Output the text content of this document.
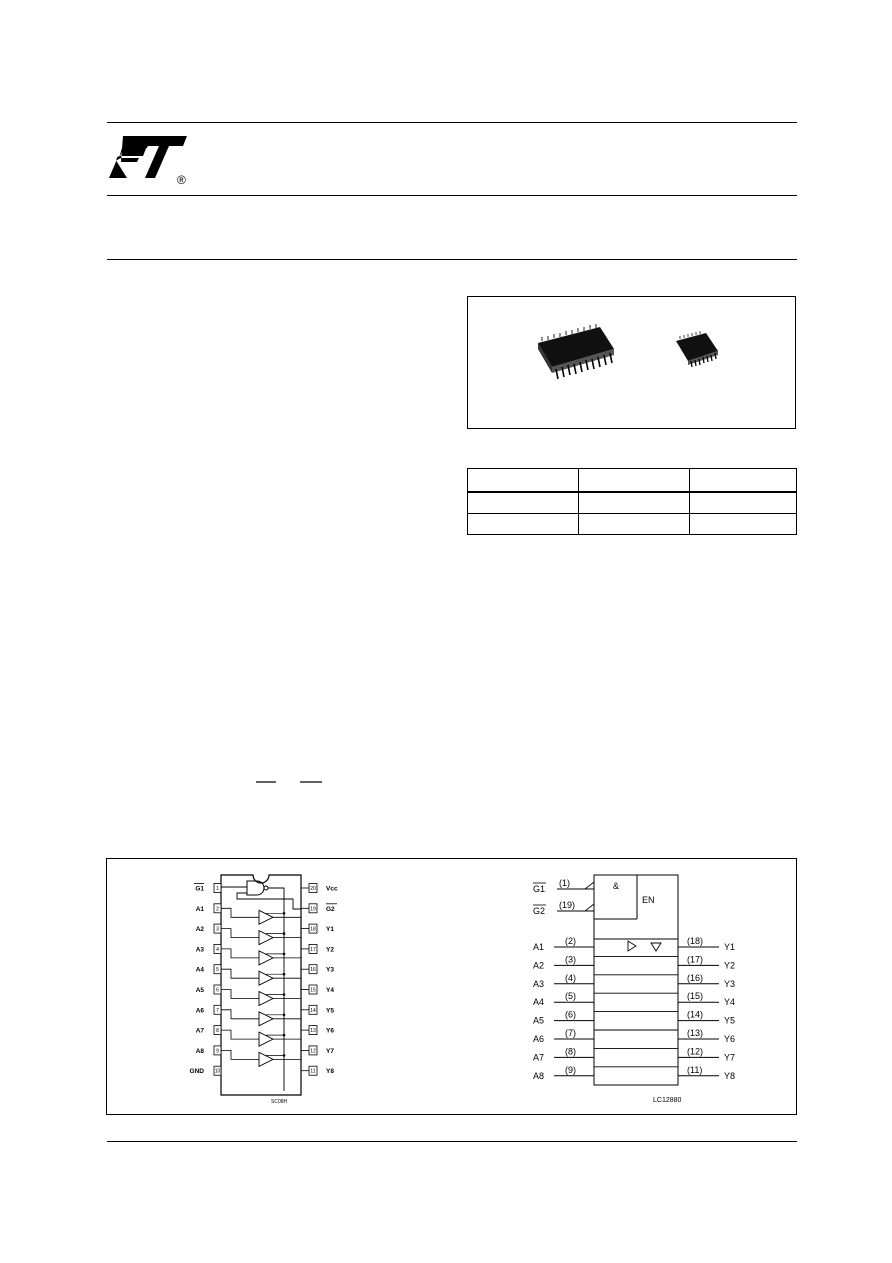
®

1
G1
2
A1
3
A2
4
A3
5
A4
6
A5
7
A6
8
A7
9
A8
10
GND
20 Vcc
19 G2
18 Y1
17 Y2
16 Y3
15 Y4
14 Y5
13 Y6
12 Y7
11 Y8
SC08H
&
EN
G1
(1)
G2
(19)
A1
(2)	(18)
Y1
A2
(3)	(17)
Y2
A3
(4)	(16)
Y3
A4
(5)	(15)
Y4
A5
(6)	(14)
Y5
A6
(7)	(13)
Y6
A7
(8)	(12)
Y7
A8
(9)	(11)
Y8
LC12880
